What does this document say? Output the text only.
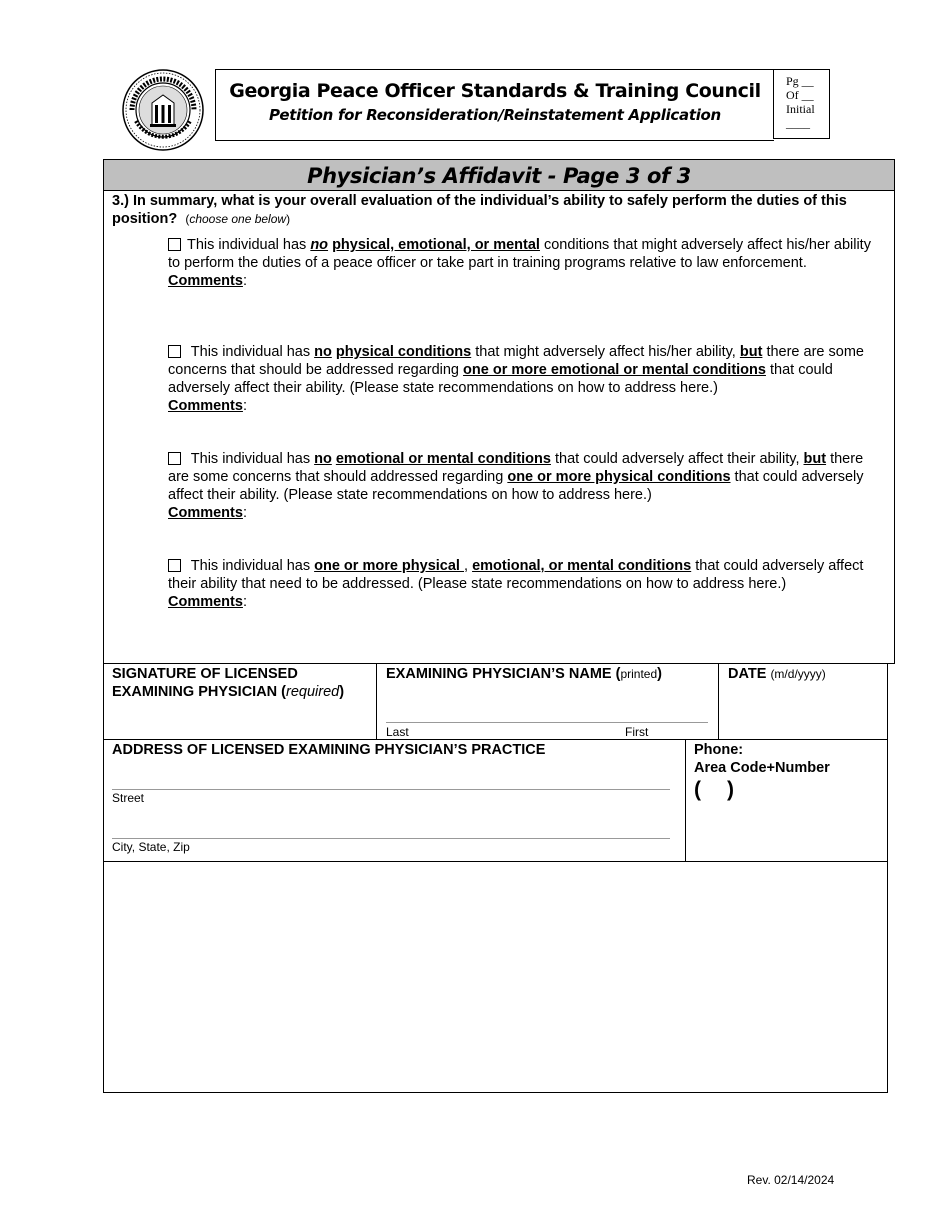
Georgia Peace Officer Standards & Training Council
Petition for Reconsideration/Reinstatement Application
Pg __
Of __
Initial
____
Physician’s Affidavit - Page 3 of 3
3.) In summary, what is your overall evaluation of the individual’s ability to safely perform the duties of this position? (choose one below)
This individual has no physical, emotional, or mental conditions that might adversely affect his/her ability to perform the duties of a peace officer or take part in training programs relative to law enforcement.
Comments:
This individual has no physical conditions that might adversely affect his/her ability, but there are some concerns that should be addressed regarding one or more emotional or mental conditions that could adversely affect their ability. (Please state recommendations on how to address here.)
Comments:
This individual has no emotional or mental conditions that could adversely affect their ability, but there are some concerns that should addressed regarding one or more physical conditions that could adversely affect their ability. (Please state recommendations on how to address here.)
Comments:
This individual has one or more physical , emotional, or mental conditions that could adversely affect their ability that need to be addressed. (Please state recommendations on how to address here.)
Comments:
SIGNATURE OF LICENSED
EXAMINING PHYSICIAN (required)
EXAMINING PHYSICIAN’S NAME (printed)
Last	First
DATE (m/d/yyyy)
ADDRESS OF LICENSED EXAMINING PHYSICIAN’S PRACTICE
Street
City, State, Zip
Phone:
Area Code+Number
( )
Rev. 02/14/2024
